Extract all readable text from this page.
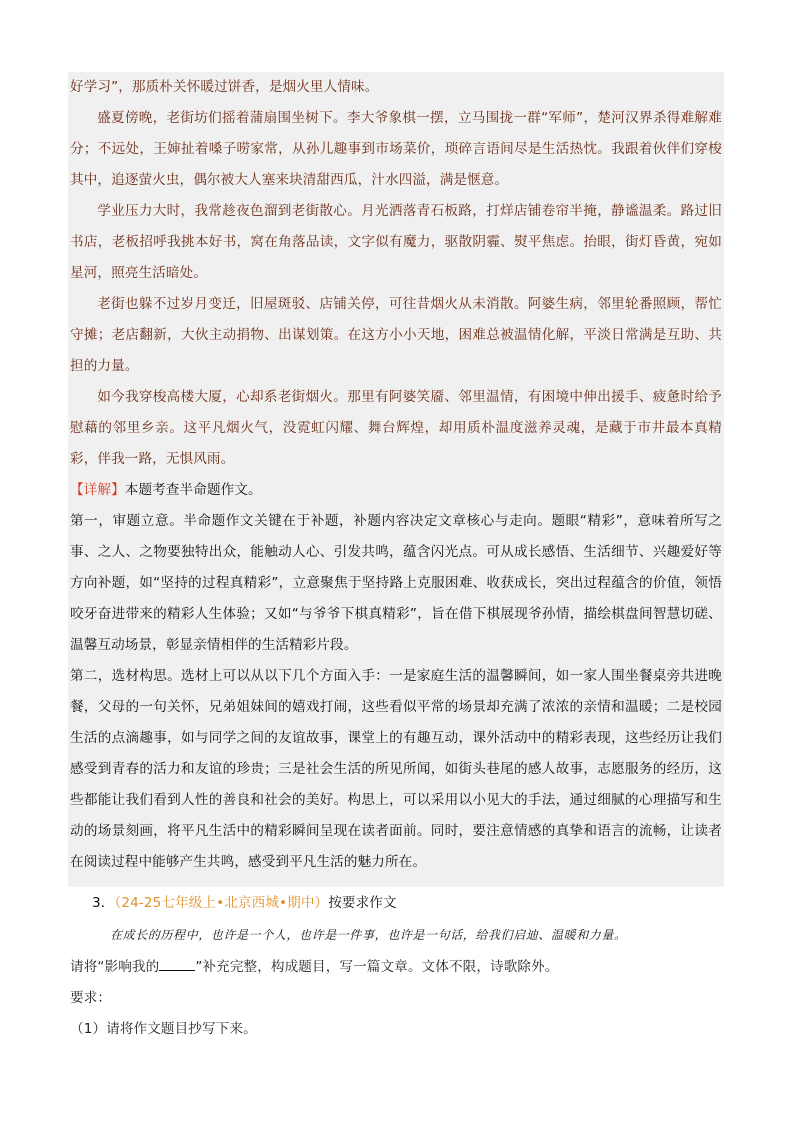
好学习”，那质朴关怀暖过饼香，是烟火里人情味。

盛夏傍晚，老街坊们摇着蒲扇围坐树下。李大爷象棋一摆，立马围拢一群“军师”，楚河汉界杀得难解难分；不远处，王婶扯着嗓子唠家常，从孙儿趣事到市场菜价，琐碎言语间尽是生活热忱。我跟着伙伴们穿梭其中，追逐萤火虫，偶尔被大人塞来块清甜西瓜，汁水四溢，满是惬意。

学业压力大时，我常趁夜色溜到老街散心。月光洒落青石板路，打烊店铺卷帘半掩，静谧温柔。路过旧书店，老板招呼我挑本好书，窝在角落品读，文字似有魔力，驱散阴霾、熨平焦虑。抬眼，街灯昏黄，宛如星河，照亮生活暗处。

老街也躲不过岁月变迁，旧屋斑驳、店铺关停，可往昔烟火从未消散。阿婆生病，邻里轮番照顾，帮忙守摊；老店翻新，大伙主动捐物、出谋划策。在这方小小天地，困难总被温情化解，平淡日常满是互助、共担的力量。

如今我穿梭高楼大厦，心却系老街烟火。那里有阿婆笑靥、邻里温情，有困境中伸出援手、疲惫时给予慰藉的邻里乡亲。这平凡烟火气，没霓虹闪耀、舞台辉煌，却用质朴温度滋养灵魂，是藏于市井最本真精彩，伴我一路，无惧风雨。

【详解】本题考查半命题作文。

第一，审题立意。半命题作文关键在于补题，补题内容决定文章核心与走向。题眼“精彩”，意味着所写之事、之人、之物要独特出众，能触动人心、引发共鸣，蕴含闪光点。可从成长感悟、生活细节、兴趣爱好等方向补题，如“坚持的过程真精彩”，立意聚焦于坚持路上克服困难、收获成长，突出过程蕴含的价值，领悟咬牙奋进带来的精彩人生体验；又如“与爷爷下棋真精彩”，旨在借下棋展现爷孙情，描绘棋盘间智慧切磋、温馨互动场景，彰显亲情相伴的生活精彩片段。

第二，选材构思。选材上可以从以下几个方面入手：一是家庭生活的温馨瞬间，如一家人围坐餐桌旁共进晚餐，父母的一句关怀，兄弟姐妹间的嬉戏打闹，这些看似平常的场景却充满了浓浓的亲情和温暖；二是校园生活的点滴趣事，如与同学之间的友谊故事，课堂上的有趣互动，课外活动中的精彩表现，这些经历让我们感受到青春的活力和友谊的珍贵；三是社会生活的所见所闻，如街头巷尾的感人故事，志愿服务的经历，这些都能让我们看到人性的善良和社会的美好。构思上，可以采用以小见大的手法，通过细腻的心理描写和生动的场景刻画，将平凡生活中的精彩瞬间呈现在读者面前。同时，要注意情感的真挚和语言的流畅，让读者在阅读过程中能够产生共鸣，感受到平凡生活的魅力所在。

3．（24-25七年级上•北京西城•期中）按要求作文

在成长的历程中，也许是一个人，也许是一件事，也许是一句话，给我们启迪、温暖和力量。

请将“影响我的	”补充完整，构成题目，写一篇文章。文体不限，诗歌除外。

要求：

（1）请将作文题目抄写下来。
